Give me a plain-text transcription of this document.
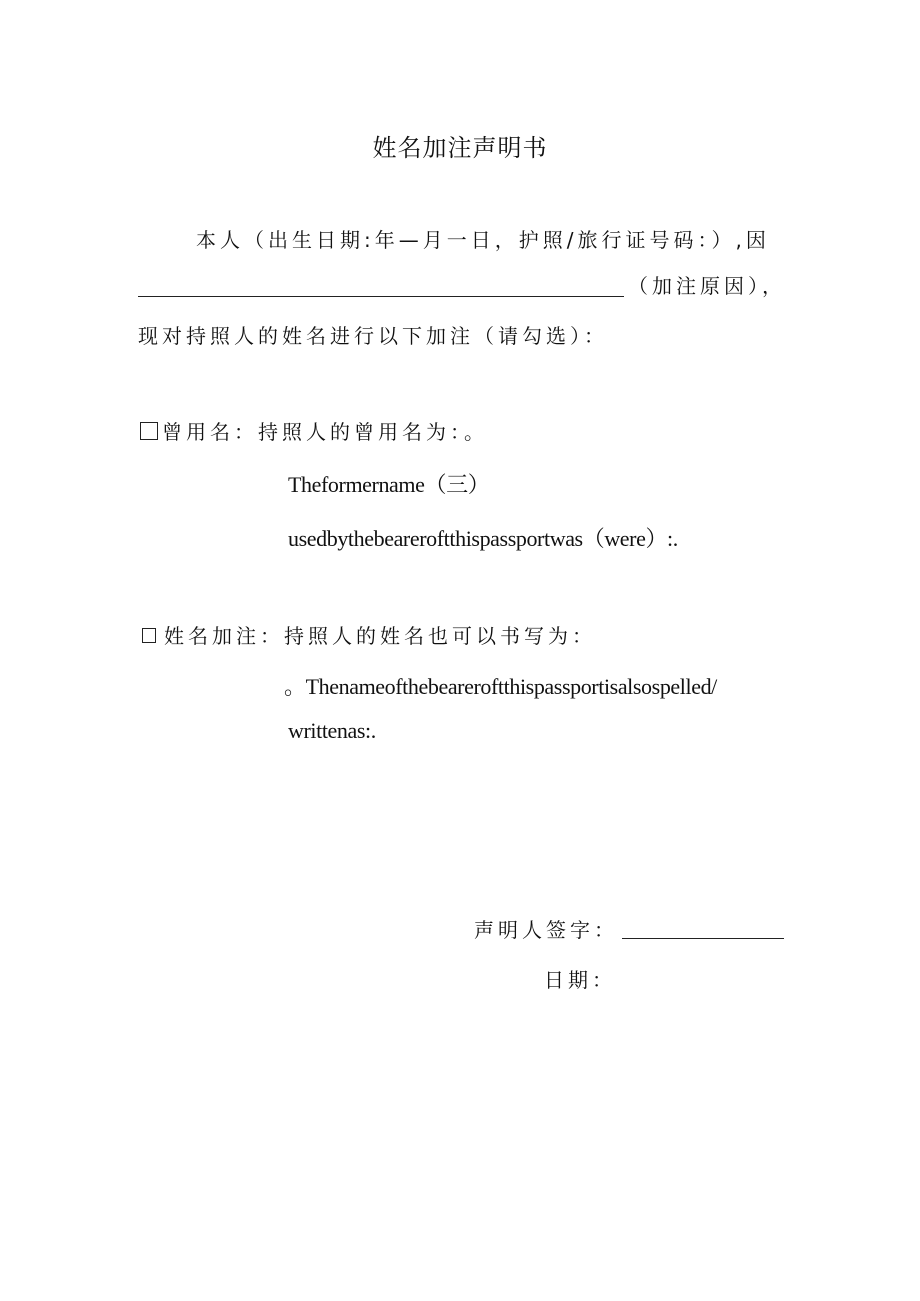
姓名加注声明书
本人（出生日期:年—月一日，护照/旅行证号码：）,因
（加注原因），
现对持照人的姓名进行以下加注（请勾选）：
曾用名：持照人的曾用名为：。
Theformername（三）
usedbythebeareroftthispassportwas（were）:.
姓名加注：持照人的姓名也可以书写为：
。Thenameofthebeareroftthispassportisalsospelled/
writtenas:.
声明人签字：
日期：
